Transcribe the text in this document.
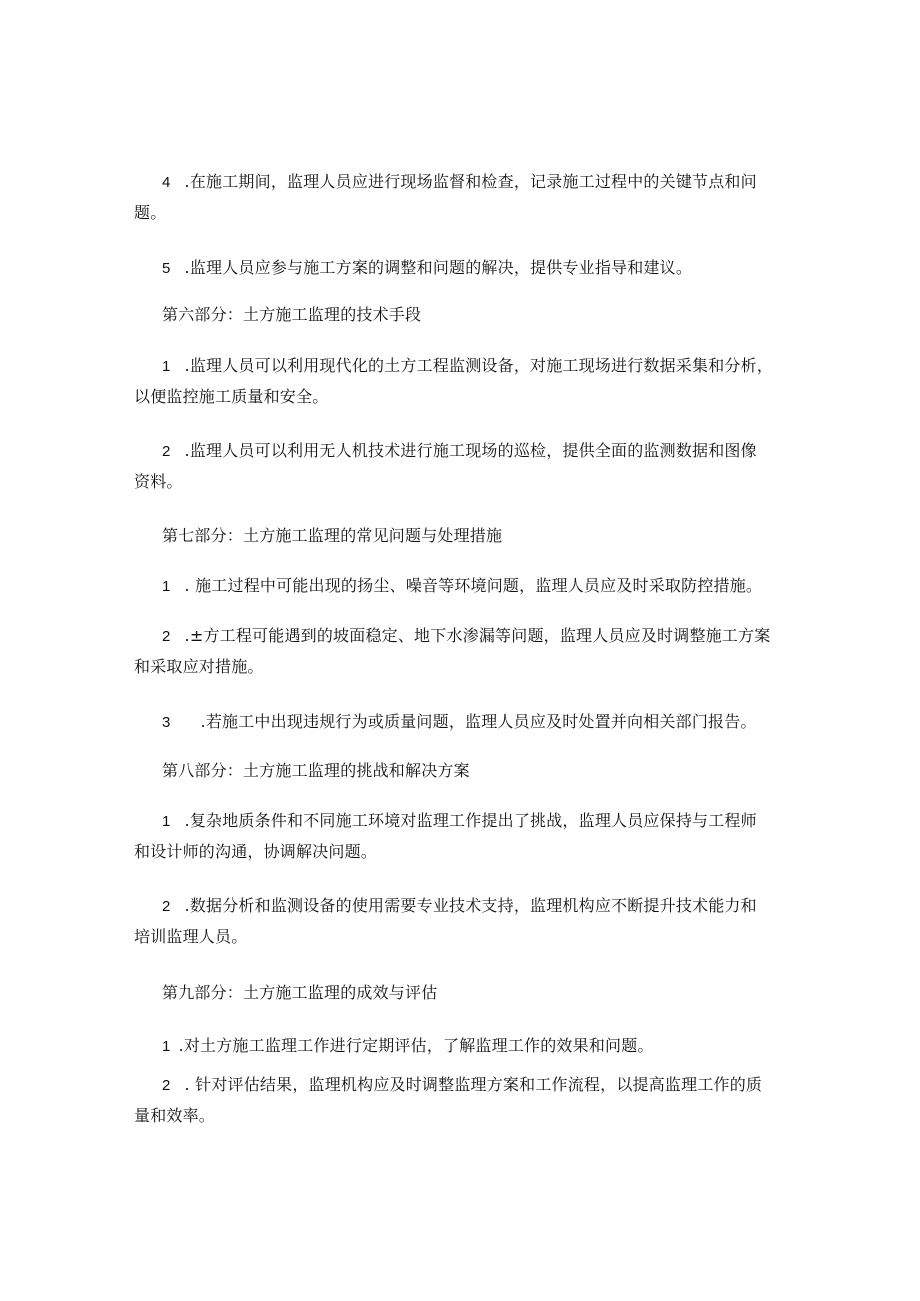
4 .在施工期间，监理人员应进行现场监督和检查，记录施工过程中的关键节点和问
题。
5 .监理人员应参与施工方案的调整和问题的解决，提供专业指导和建议。
第六部分：土方施工监理的技术手段
1 .监理人员可以利用现代化的土方工程监测设备，对施工现场进行数据采集和分析，
以便监控施工质量和安全。
2 .监理人员可以利用无人机技术进行施工现场的巡检，提供全面的监测数据和图像
资料。
第七部分：土方施工监理的常见问题与处理措施
1 . 施工过程中可能出现的扬尘、噪音等环境问题，监理人员应及时采取防控措施。
2 .±方工程可能遇到的坡面稳定、地下水渗漏等问题，监理人员应及时调整施工方案
和采取应对措施。
3 .若施工中出现违规行为或质量问题，监理人员应及时处置并向相关部门报告。
第八部分：土方施工监理的挑战和解决方案
1 .复杂地质条件和不同施工环境对监理工作提出了挑战，监理人员应保持与工程师
和设计师的沟通，协调解决问题。
2 .数据分析和监测设备的使用需要专业技术支持，监理机构应不断提升技术能力和
培训监理人员。
第九部分：土方施工监理的成效与评估
1 .对土方施工监理工作进行定期评估，了解监理工作的效果和问题。
2 . 针对评估结果，监理机构应及时调整监理方案和工作流程，以提高监理工作的质
量和效率。
